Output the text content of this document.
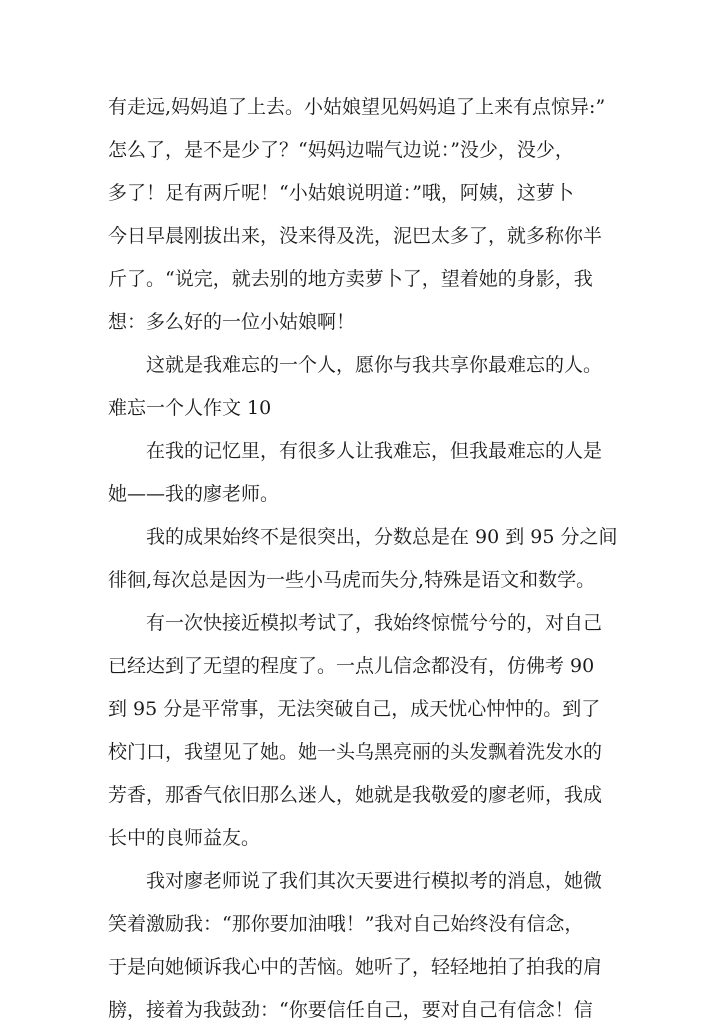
有走远,妈妈追了上去。小姑娘望见妈妈追了上来有点惊异:”
怎么了，是不是少了？“妈妈边喘气边说：”没少，没少，
多了！足有两斤呢！“小姑娘说明道：”哦，阿姨，这萝卜
今日早晨刚拔出来，没来得及洗，泥巴太多了，就多称你半
斤了。“说完，就去别的地方卖萝卜了，望着她的身影，我
想：多么好的一位小姑娘啊！
这就是我难忘的一个人，愿你与我共享你最难忘的人。
难忘一个人作文 10
在我的记忆里，有很多人让我难忘，但我最难忘的人是
她——我的廖老师。
我的成果始终不是很突出，分数总是在 90 到 95 分之间
徘徊,每次总是因为一些小马虎而失分,特殊是语文和数学。
有一次快接近模拟考试了，我始终惊慌兮兮的，对自己
已经达到了无望的程度了。一点儿信念都没有，仿佛考 90
到 95 分是平常事，无法突破自己，成天忧心忡忡的。到了
校门口，我望见了她。她一头乌黑亮丽的头发飘着洗发水的
芳香，那香气依旧那么迷人，她就是我敬爱的廖老师，我成
长中的良师益友。
我对廖老师说了我们其次天要进行模拟考的消息，她微
笑着激励我：“那你要加油哦！”我对自己始终没有信念，
于是向她倾诉我心中的苦恼。她听了，轻轻地拍了拍我的肩
膀，接着为我鼓劲：“你要信任自己，要对自己有信念！信
